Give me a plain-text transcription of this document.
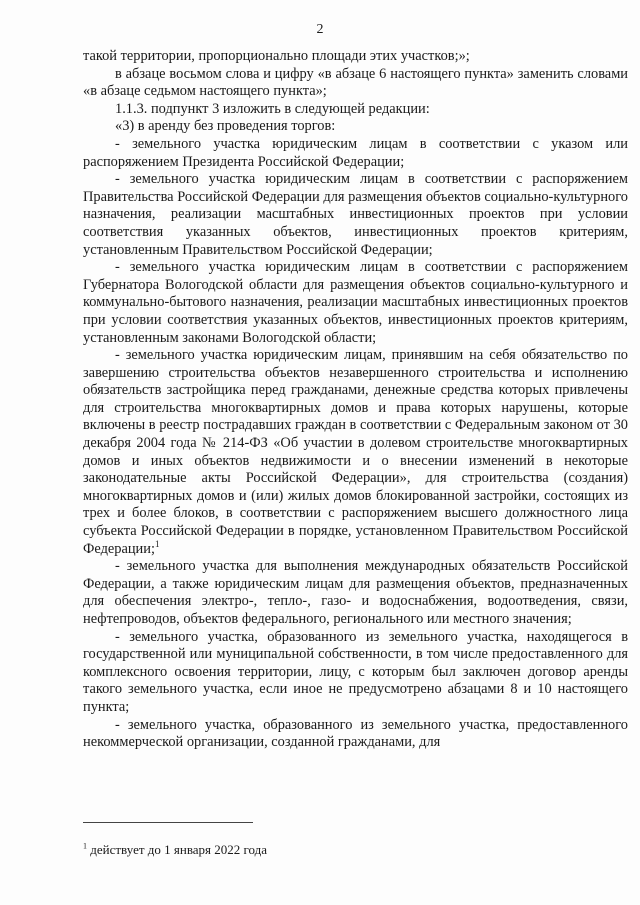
2

такой территории, пропорционально площади этих участков;»;

в абзаце восьмом слова и цифру «в абзаце 6 настоящего пункта» заменить словами «в абзаце седьмом настоящего пункта»;

1.1.3. подпункт 3 изложить в следующей редакции:

«3) в аренду без проведения торгов:

- земельного участка юридическим лицам в соответствии с указом или распоряжением Президента Российской Федерации;

- земельного участка юридическим лицам в соответствии с распоряжением Правительства Российской Федерации для размещения объектов социально-культурного назначения, реализации масштабных инвестиционных проектов при условии соответствия указанных объектов, инвестиционных проектов критериям, установленным Правительством Российской Федерации;

- земельного участка юридическим лицам в соответствии с распоряжением Губернатора Вологодской области для размещения объектов социально-культурного и коммунально-бытового назначения, реализации масштабных инвестиционных проектов при условии соответствия указанных объектов, инвестиционных проектов критериям, установленным законами Вологодской области;

- земельного участка юридическим лицам, принявшим на себя обязательство по завершению строительства объектов незавершенного строительства и исполнению обязательств застройщика перед гражданами, денежные средства которых привлечены для строительства многоквартирных домов и права которых нарушены, которые включены в реестр пострадавших граждан в соответствии с Федеральным законом от 30 декабря 2004 года № 214-ФЗ «Об участии в долевом строительстве многоквартирных домов и иных объектов недвижимости и о внесении изменений в некоторые законодательные акты Российской Федерации», для строительства (создания) многоквартирных домов и (или) жилых домов блокированной застройки, состоящих из трех и более блоков, в соответствии с распоряжением высшего должностного лица субъекта Российской Федерации в порядке, установленном Правительством Российской Федерации;$^1$

- земельного участка для выполнения международных обязательств Российской Федерации, а также юридическим лицам для размещения объектов, предназначенных для обеспечения электро-, тепло-, газо- и водоснабжения, водоотведения, связи, нефтепроводов, объектов федерального, регионального или местного значения;

- земельного участка, образованного из земельного участка, находящегося в государственной или муниципальной собственности, в том числе предоставленного для комплексного освоения территории, лицу, с которым был заключен договор аренды такого земельного участка, если иное не предусмотрено абзацами 8 и 10 настоящего пункта;

- земельного участка, образованного из земельного участка, предоставленного некоммерческой организации, созданной гражданами, для

$^1$ действует до 1 января 2022 года
